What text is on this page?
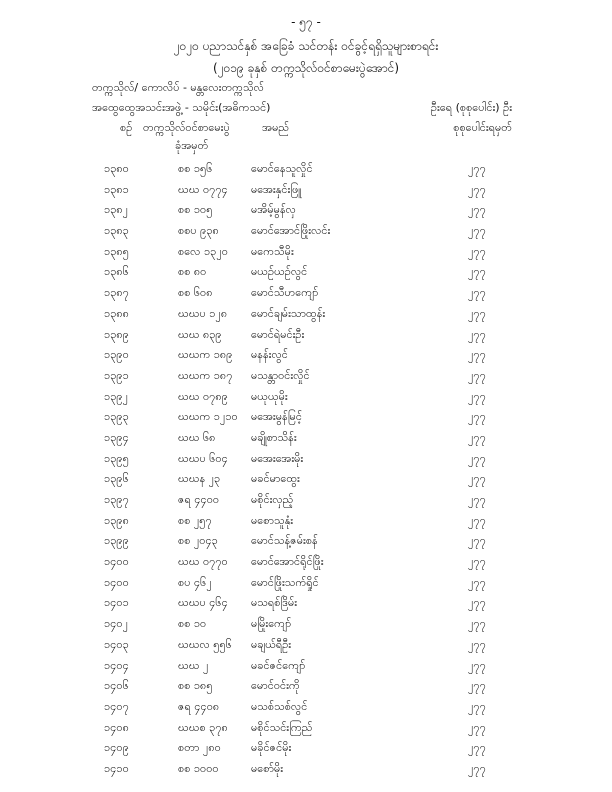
- ၅၇ -
၂၀၂၀ ပညာသင်နှစ် အခြေခံ သင်တန်း ဝင်ခွင့်ရရှိသူများစာရင်း
(၂၀၁၉ ခုနှစ် တက္ကသိုလ်ဝင်စာမေးပွဲအောင်)
တက္ကသိုလ်/ ကောလိပ် - မန္တလေးတက္ကသိုလ်
အထွေထွေအသင်းအဖွဲ့ - သမိုင်း(အဓိကသင်)	ဦးရေ (စုစုပေါင်း) ဦး
စဉ် တက္ကသိုလ်ဝင်စာမေးပွဲ
ခုံအမှတ်
အမည်	စုစုပေါင်းရမှတ်
၁၃၈၀	စစ ၁၅၆	မောင်နေသူလှိုင်	၂၇၇
၁၃၈၁	ဃဃ ၀၇၇၄ မအေးနှင်းဖြူ	၂၇၇
၁၃၈၂	စစ ၁၀၅	မအိမ့်မွန်လှ	၂၇၇
၁၃၈၃	စစပ ၉၃၈	မောင်အောင်ဖြိုးလင်း	၂၇၇
၁၃၈၅	စလေ ၁၃၂၀ မကေသီမိုး	၂၇၇
၁၃၈၆	စစ ၈၀	မယဉ်ယဉ်လွင်	၂၇၇
၁၃၈၇	စစ ၆၀၈	မောင်သီဟကျော်	၂၇၇
၁၃၈၈	ဃဃပ ၁၂၈ မောင်ချမ်းသာထွန်း	၂၇၇
၁၃၈၉	ဃဃ ၈၃၉	မောင်ရဲမင်းဦး	၂၇၇
၁၃၉၀	ဃဃက ၁၈၉ မနန်းလွင်	၂၇၇
၁၃၉၁	ဃဃက ၁၈၇ မသန္တာဝင်းလှိုင်	၂၇၇
၁၃၉၂	ဃဃ ၀၇၈၉ မယုယုမိုး	၂၇၇
၁၃၉၃	ဃဃက ၁၂၁၀ မအေးမွန်မြင့်	၂၇၇
၁၃၉၄	ဃဃ ၆၈	မချိုစာသိန်း	၂၇၇
၁၃၉၅	ဃဃပ ၆၀၄ မအေးအေးမိုး	၂၇၇
၁၃၉၆	ဃဃန ၂၃	မခင်မာထွေး	၂၇၇
၁၃၉၇	ဇရ ၄၄၀၀	မစိုင်းလှည့်	၂၇၇
၁၃၉၈	စစ ၂၅၇	မစောသူနုံး	၂၇၇
၁၃၉၉	စစ ၂၀၄၃	မောင်သန့်ဇမ်းစန်	၂၇၇
၁၄၀၀	ဃဃ ၀၇၇၀ မောင်အောင်ရိုင်ဖြိုး	၂၇၇
၁၄၀၀	စပ ၄၆၂	မောင်ဖြိုးသက်ရှိုင်	၂၇၇
၁၄၀၁	ဃဃပ ၄၆၄ မသရစ်ဒြိမ်း	၂၇၇
၁၄၀၂	စစ ၁၀	မမြိုးကျော်	၂၇၇
၁၄၀၃	ဃဃလ ၅၅၆ မချယ်ရီဦး	၂၇၇
၁၄၀၄	ဃဃ ၂	မခင်ဇင်ကျော်	၂၇၇
၁၄၀၆	စစ ၁၈၅	မောင်ဝင်းကို	၂၇၇
၁၄၀၇	ဇရ ၄၄၀၈	မသစ်သစ်လွင်	၂၇၇
၁၄၀၈	ဃဃစ ၃၇၈ မစိုင်သင်းကြည်	၂၇၇
၁၄၀၉	စတာ ၂၈၀	မခိုင်ဇင်မိုး	၂၇၇
၁၄၁၀	စစ ၁၀၀၀	မစော်မိုး	၂၇၇
